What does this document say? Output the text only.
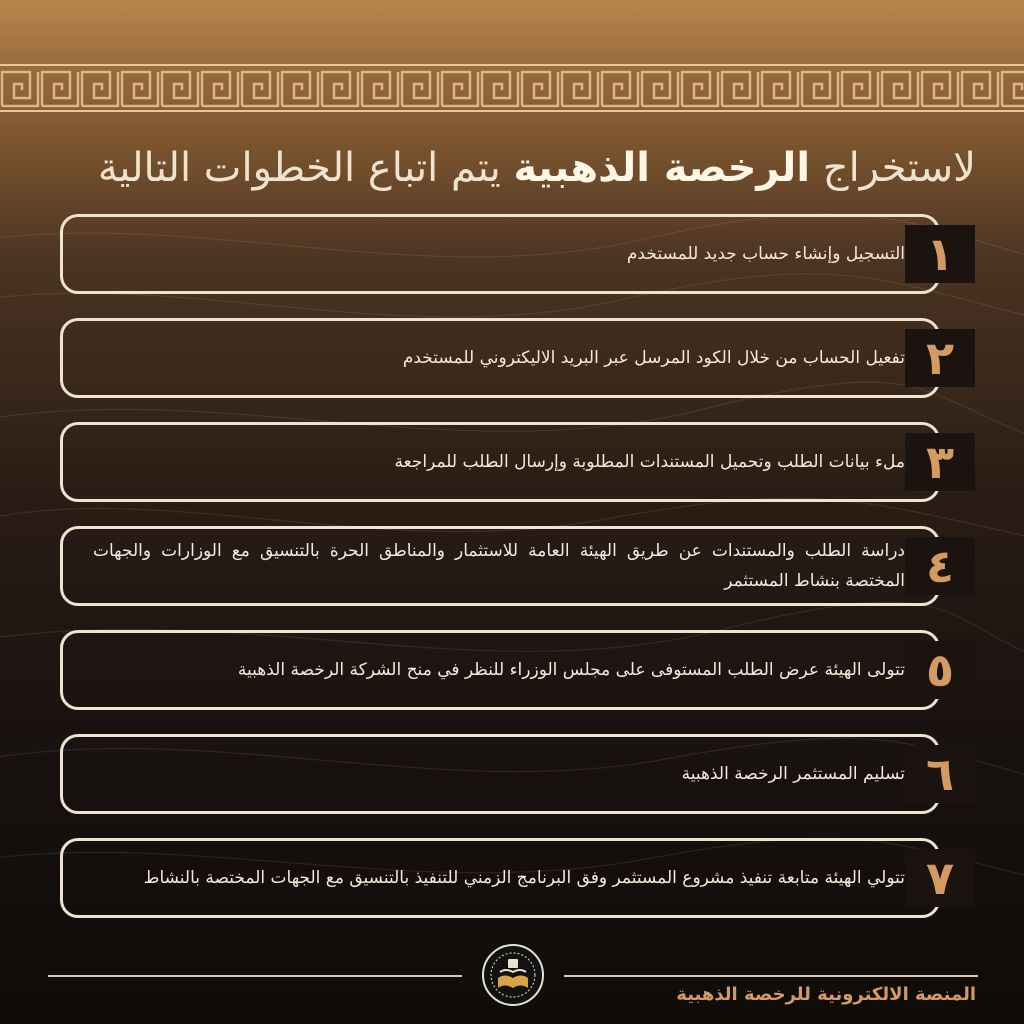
لاستخراج الرخصة الذهبية يتم اتباع الخطوات التالية
التسجيل وإنشاء حساب جديد للمستخدم ١
تفعيل الحساب من خلال الكود المرسل عبر البريد الاليكتروني للمستخدم ٢
ملء بيانات الطلب وتحميل المستندات المطلوبة وإرسال الطلب للمراجعة ٣
دراسة الطلب والمستندات عن طريق الهيئة العامة للاستثمار والمناطق الحرة بالتنسيق مع الوزارات والجهات المختصة بنشاط المستثمر ٤
تتولى الهيئة عرض الطلب المستوفى على مجلس الوزراء للنظر في منح الشركة الرخصة الذهبية ٥
تسليم المستثمر الرخصة الذهبية ٦
تتولي الهيئة متابعة تنفيذ مشروع المستثمر وفق البرنامج الزمني للتنفيذ بالتنسيق مع الجهات المختصة بالنشاط ٧
المنصة الالكترونية للرخصة الذهبية
